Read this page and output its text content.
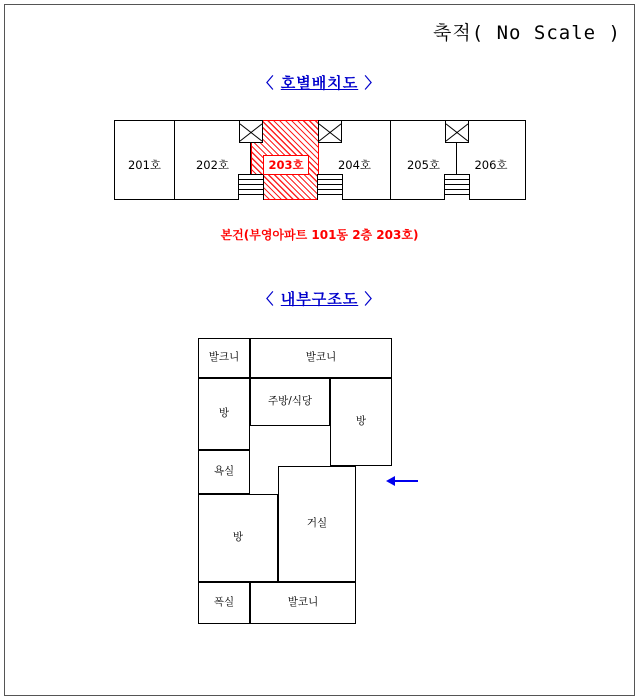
축적( No Scale )
〈 호별배치도 〉
201호	202호	203호	204호	205호	206호
본건(부영아파트 101동 2층 203호)
〈 내부구조도 〉
발크니	발코니
방
주방/식당
방
욕실
방
거실
폭실	발코니
